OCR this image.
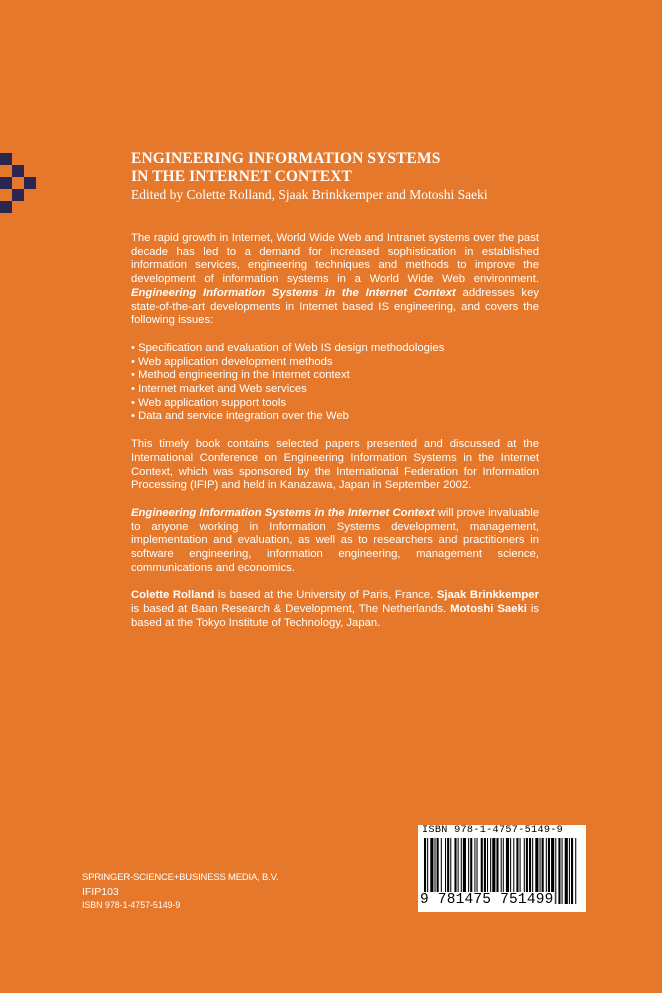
ENGINEERING INFORMATION SYSTEMS
IN THE INTERNET CONTEXT

Edited by Colette Rolland, Sjaak Brinkkemper and Motoshi Saeki

The rapid growth in Internet, World Wide Web and Intranet systems over the past decade has led to a demand for increased sophistication in established information services, engineering techniques and methods to improve the development of information systems in a World Wide Web environment. Engineering Information Systems in the Internet Context addresses key state-of-the-art developments in Internet based IS engineering, and covers the following issues:

• Specification and evaluation of Web IS design methodologies
• Web application development methods
• Method engineering in the Internet context
• Internet market and Web services
• Web application support tools
• Data and service integration over the Web

This timely book contains selected papers presented and discussed at the International Conference on Engineering Information Systems in the Internet Context, which was sponsored by the International Federation for Information Processing (IFIP) and held in Kanazawa, Japan in September 2002.

Engineering Information Systems in the Internet Context will prove invaluable to anyone working in Information Systems development, management, implementation and evaluation, as well as to researchers and practitioners in software engineering, information engineering, management science, communications and economics.

Colette Rolland is based at the University of Paris, France. Sjaak Brinkkemper is based at Baan Research & Development, The Netherlands. Motoshi Saeki is based at the Tokyo Institute of Technology, Japan.

SPRINGER-SCIENCE+BUSINESS MEDIA, B.V.
IFIP103
ISBN 978-1-4757-5149-9
ISBN 978-1-4757-5149-9
9 781475 751499
